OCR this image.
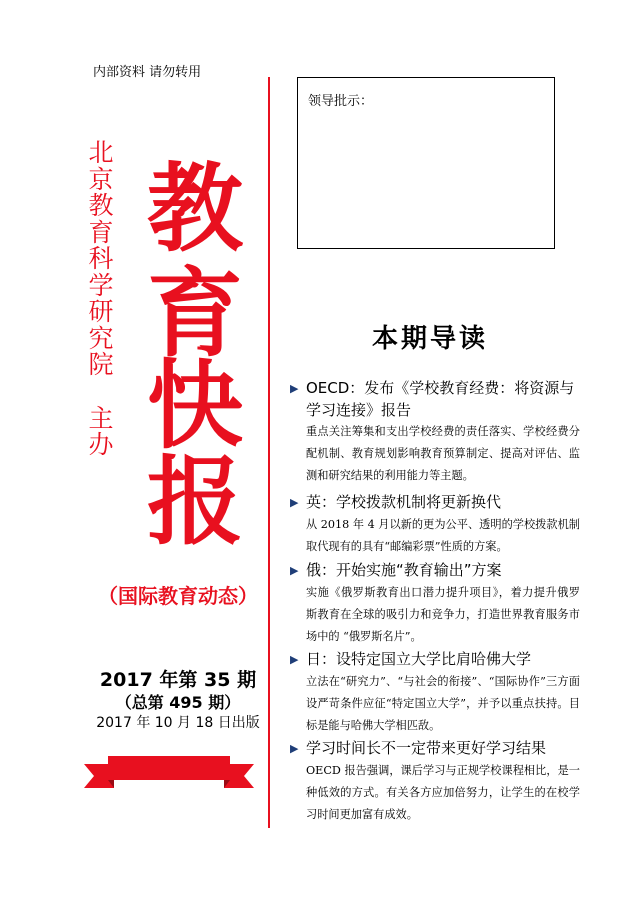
内部资料 请勿转用
北京教育科学研究院
主办
教
育
快
报
（国际教育动态）
2017 年第 35 期
（总第 495 期）
2017 年 10 月 18 日出版
领导批示：
本期导读
▶ OECD：发布《学校教育经费：将资源与学习连接》报告
重点关注筹集和支出学校经费的责任落实、学校经费分配机制、教育规划影响教育预算制定、提高对评估、监测和研究结果的利用能力等主题。
▶ 英：学校拨款机制将更新换代
从 2018 年 4 月以新的更为公平、透明的学校拨款机制取代现有的具有“邮编彩票”性质的方案。
▶ 俄：开始实施“教育输出”方案
实施《俄罗斯教育出口潜力提升项目》，着力提升俄罗斯教育在全球的吸引力和竞争力，打造世界教育服务市场中的 “俄罗斯名片”。
▶ 日：设特定国立大学比肩哈佛大学
立法在“研究力”、“与社会的衔接”、“国际协作”三方面设严苛条件应征“特定国立大学”，并予以重点扶持。目标是能与哈佛大学相匹敌。
▶ 学习时间长不一定带来更好学习结果
OECD 报告强调，课后学习与正规学校课程相比，是一种低效的方式。有关各方应加倍努力，让学生的在校学习时间更加富有成效。
